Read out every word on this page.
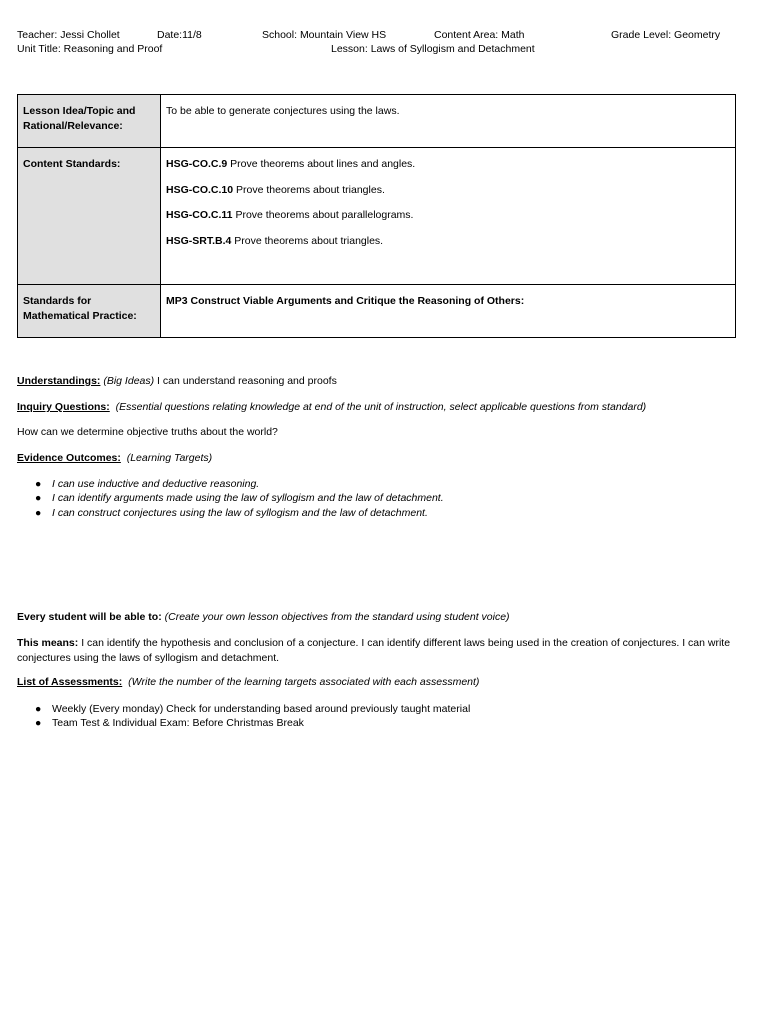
Teacher: Jessi Chollet	Date:11/8	School: Mountain View HS	Content Area: Math	Grade Level: Geometry
Unit Title: Reasoning and Proof	Lesson: Laws of Syllogism and Detachment
Lesson Idea/Topic and Rational/Relevance:	To be able to generate conjectures using the laws.
Content Standards:	HSG-CO.C.9 Prove theorems about lines and angles.
HSG-CO.C.10 Prove theorems about triangles.
HSG-CO.C.11 Prove theorems about parallelograms.
HSG-SRT.B.4 Prove theorems about triangles.

Standards for Mathematical Practice:	MP3 Construct Viable Arguments and Critique the Reasoning of Others:
Understandings: (Big Ideas) I can understand reasoning and proofs
Inquiry Questions: (Essential questions relating knowledge at end of the unit of instruction, select applicable questions from standard)
How can we determine objective truths about the world?
Evidence Outcomes: (Learning Targets)
● I can use inductive and deductive reasoning.
● I can identify arguments made using the law of syllogism and the law of detachment.
● I can construct conjectures using the law of syllogism and the law of detachment.
Every student will be able to: (Create your own lesson objectives from the standard using student voice)
This means: I can identify the hypothesis and conclusion of a conjecture. I can identify different laws being used in the creation of conjectures. I can write conjectures using the laws of syllogism and detachment.
List of Assessments: (Write the number of the learning targets associated with each assessment)
● Weekly (Every monday) Check for understanding based around previously taught material
● Team Test & Individual Exam: Before Christmas Break
